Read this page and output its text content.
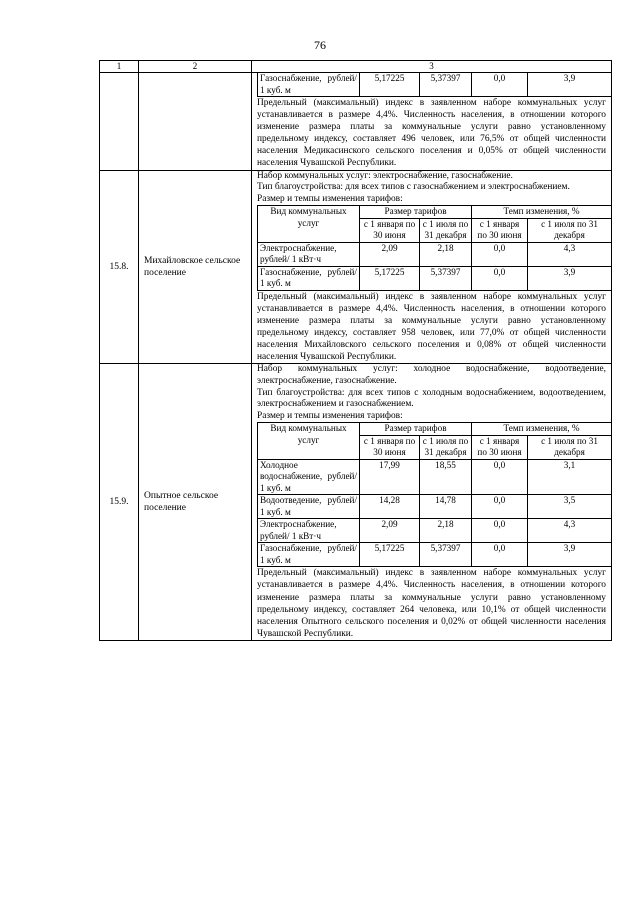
76
1	2	3

Газоснабжение, рублей/ 1 куб. м	5,17225	5,37397	0,0	3,9
Предельный (максимальный) индекс в заявленном наборе коммунальных услуг устанавливается в размере 4,4%. Численность населения, в отношении которого изменение размера платы за коммунальные услуги равно установленному предельному индексу, составляет 496 человек, или 76,5% от общей численности населения Медикасинского сельского поселения и 0,05% от общей численности населения Чувашской Республики.

15.8.	Михайловское сельское поселение	
Набор коммунальных услуг: электроснабжение, газоснабжение.
Тип благоустройства: для всех типов с газоснабжением и электроснабжением.
Размер и темпы изменения тарифов:
Вид коммунальных услуг	Размер тарифов	Темп изменения, %
с 1 января по 30 июня	с 1 июля по 31 декабря	с 1 января по 30 июня	с 1 июля по 31 декабря
Электроснабжение, рублей/ 1 кВт·ч	2,09	2,18	0,0	4,3
Газоснабжение, рублей/ 1 куб. м	5,17225	5,37397	0,0	3,9
Предельный (максимальный) индекс в заявленном наборе коммунальных услуг устанавливается в размере 4,4%. Численность населения, в отношении которого изменение размера платы за коммунальные услуги равно установленному предельному индексу, составляет 958 человек, или 77,0% от общей численности населения Михайловского сельского поселения и 0,08% от общей численности населения Чувашской Республики.

15.9.	Опытное сельское поселение	
Набор коммунальных услуг: холодное водоснабжение, водоотведение, электроснабжение, газоснабжение.
Тип благоустройства: для всех типов с холодным водоснабжением, водоотведением, электроснабжением и газоснабжением.
Размер и темпы изменения тарифов:
Вид коммунальных услуг	Размер тарифов	Темп изменения, %
с 1 января по 30 июня	с 1 июля по 31 декабря	с 1 января по 30 июня	с 1 июля по 31 декабря
Холодное водоснабжение, рублей/ 1 куб. м	17,99	18,55	0,0	3,1
Водоотведение, рублей/ 1 куб. м	14,28	14,78	0,0	3,5
Электроснабжение, рублей/ 1 кВт·ч	2,09	2,18	0,0	4,3
Газоснабжение, рублей/ 1 куб. м	5,17225	5,37397	0,0	3,9
Предельный (максимальный) индекс в заявленном наборе коммунальных услуг устанавливается в размере 4,4%. Численность населения, в отношении которого изменение размера платы за коммунальные услуги равно установленному предельному индексу, составляет 264 человека, или 10,1% от общей численности населения Опытного сельского поселения и 0,02% от общей численности населения Чувашской Республики.
